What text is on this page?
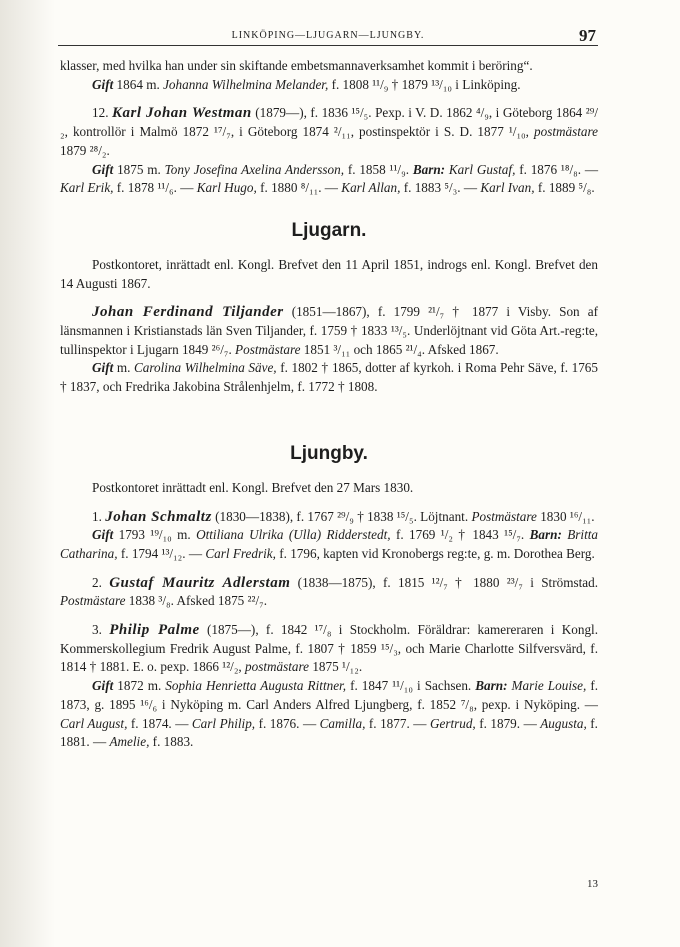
LINKÖPING—LJUGARN—LJUNGBY.	97

klasser, med hvilka han under sin skiftande embetsmannaverksamhet kommit i beröring“.

Gift 1864 m. Johanna Wilhelmina Melander, f. 1808 ¹¹/₉ † 1879 ¹³/₁₀ i Linköping.

12. Karl Johan Westman (1879—), f. 1836 ¹⁵/₅. Pexp. i V. D. 1862 ⁴/₉, i Göteborg 1864 ²⁹/₂, kontrollör i Malmö 1872 ¹⁷/₇, i Göteborg 1874 ²/₁₁, postinspektör i S. D. 1877 ¹/₁₀, postmästare 1879 ²⁸/₂.

Gift 1875 m. Tony Josefina Axelina Andersson, f. 1858 ¹¹/₉. Barn: Karl Gustaf, f. 1876 ¹⁸/₈. — Karl Erik, f. 1878 ¹¹/₆. — Karl Hugo, f. 1880 ⁸/₁₁. — Karl Allan, f. 1883 ⁵/₃. — Karl Ivan, f. 1889 ⁵/₈.

Ljugarn.

Postkontoret, inrättadt enl. Kongl. Brefvet den 11 April 1851, indrogs enl. Kongl. Brefvet den 14 Augusti 1867.

Johan Ferdinand Tiljander (1851—1867), f. 1799 ²¹/₇ † 1877 i Visby. Son af länsmannen i Kristianstads län Sven Tiljander, f. 1759 † 1833 ¹³/₅. Underlöjtnant vid Göta Art.-reg:te, tullinspektor i Ljugarn 1849 ²⁶/₇. Postmästare 1851 ³/₁₁ och 1865 ²¹/₄. Afsked 1867.

Gift m. Carolina Wilhelmina Säve, f. 1802 † 1865, dotter af kyrkoh. i Roma Pehr Säve, f. 1765 † 1837, och Fredrika Jakobina Strålenhjelm, f. 1772 † 1808.

Ljungby.

Postkontoret inrättadt enl. Kongl. Brefvet den 27 Mars 1830.

1. Johan Schmaltz (1830—1838), f. 1767 ²⁹/₉ † 1838 ¹⁵/₅. Löjtnant. Postmästare 1830 ¹⁶/₁₁.

Gift 1793 ¹⁹/₁₀ m. Ottiliana Ulrika (Ulla) Ridderstedt, f. 1769 ¹/₂ † 1843 ¹⁵/₇. Barn: Britta Catharina, f. 1794 ¹³/₁₂. — Carl Fredrik, f. 1796, kapten vid Kronobergs reg:te, g. m. Dorothea Berg.

2. Gustaf Mauritz Adlerstam (1838—1875), f. 1815 ¹²/₇ † 1880 ²³/₇ i Strömstad. Postmästare 1838 ³/₈. Afsked 1875 ²²/₇.

3. Philip Palme (1875—), f. 1842 ¹⁷/₈ i Stockholm. Föräldrar: kamereraren i Kongl. Kommerskollegium Fredrik August Palme, f. 1807 † 1859 ¹⁵/₃, och Marie Charlotte Silfversvärd, f. 1814 † 1881. E. o. pexp. 1866 ¹²/₂, postmästare 1875 ¹/₁₂.

Gift 1872 m. Sophia Henrietta Augusta Rittner, f. 1847 ¹¹/₁₀ i Sachsen. Barn: Marie Louise, f. 1873, g. 1895 ¹⁶/₆ i Nyköping m. Carl Anders Alfred Ljungberg, f. 1852 ⁷/₈, pexp. i Nyköping. — Carl August, f. 1874. — Carl Philip, f. 1876. — Camilla, f. 1877. — Gertrud, f. 1879. — Augusta, f. 1881. — Amelie, f. 1883.

13
